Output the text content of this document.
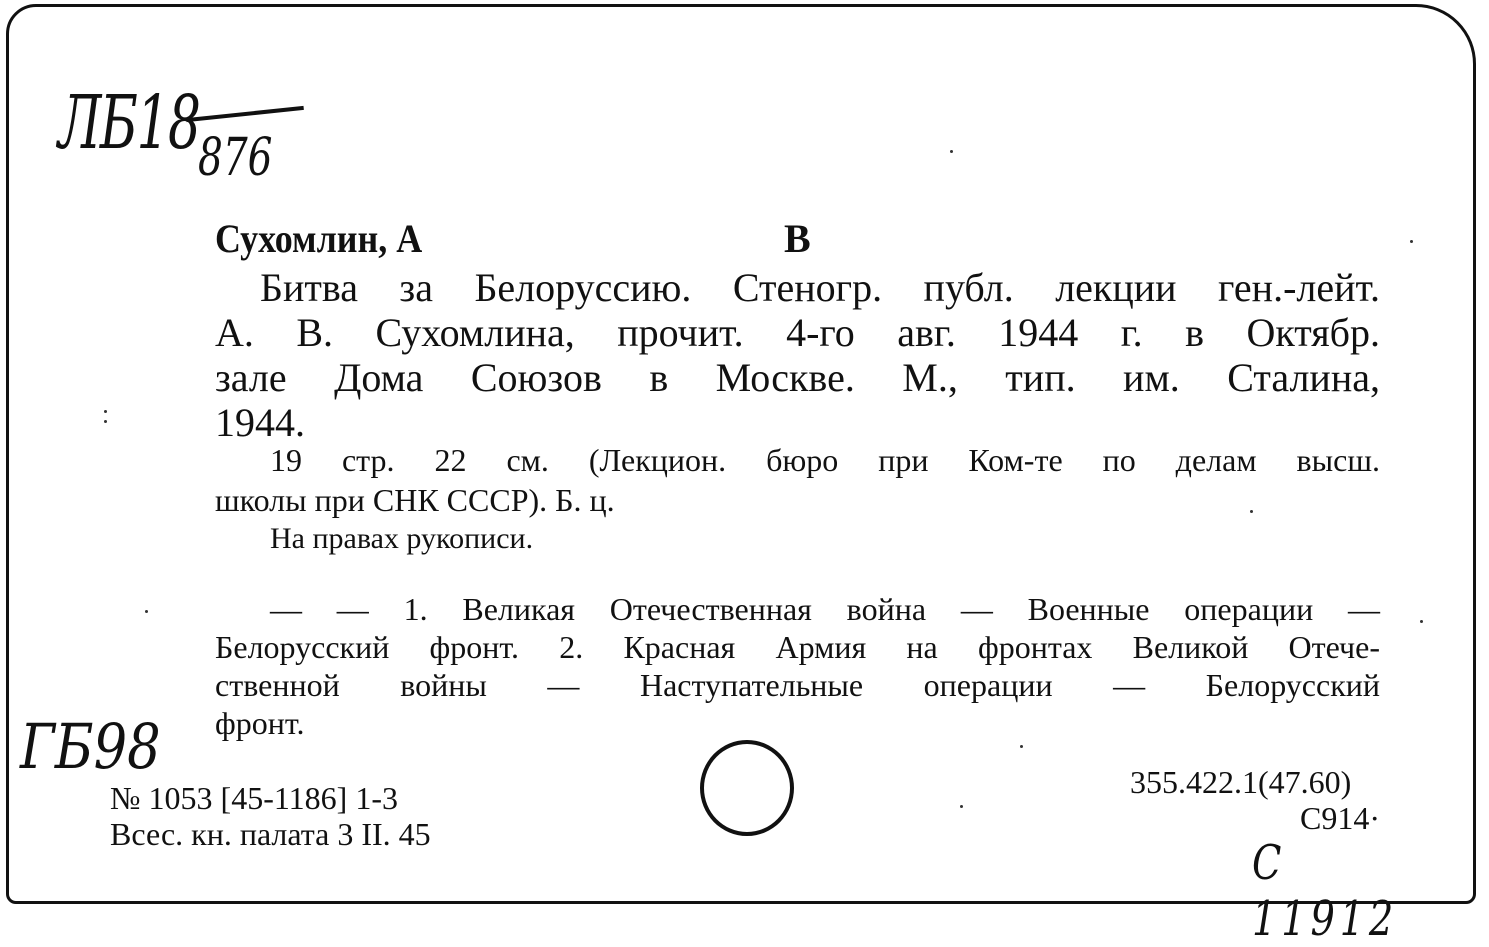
ЛБ18
876
Сухомлин, А	В

Битва за Белоруссию. Стеногр. публ. лекции ген.-лейт.

А. В. Сухомлина, прочит. 4-го авг. 1944 г. в Октябр.

зале Дома Союзов в Москве. М., тип. им. Сталина,

1944.

19 стр. 22 см. (Лекцион. бюро при Ком-те по делам высш.

школы при СНК СССР). Б. ц.

На правах рукописи.

— — 1. Великая Отечественная война — Военные операции —

Белорусский фронт. 2. Красная Армия на фронтах Великой Отече-

ственной войны — Наступательные операции — Белорусский

фронт.

ГБ98
№ 1053 [45-1186] 1-3
Всес. кн. палата 3 II. 45
355.422.1(47.60)
С914·
С 11912
